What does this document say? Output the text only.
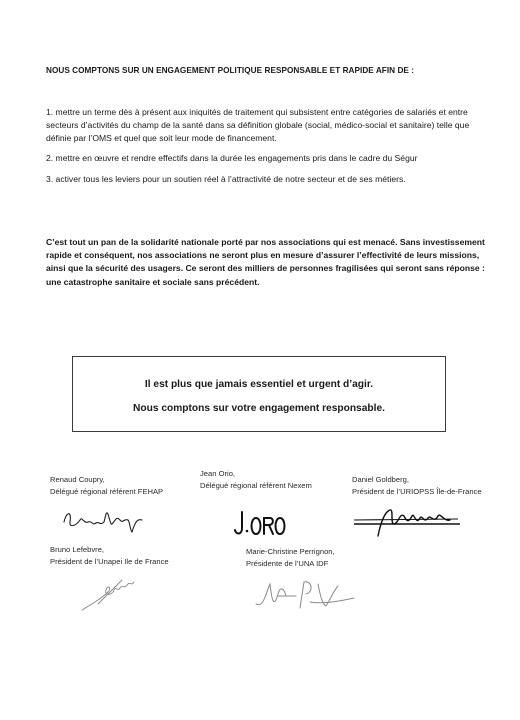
NOUS COMPTONS SUR UN ENGAGEMENT POLITIQUE RESPONSABLE ET RAPIDE AFIN DE :

1. mettre un terme dès à présent aux iniquités de traitement qui subsistent entre catégories de salariés et entre secteurs d’activités du champ de la santé dans sa définition globale (social, médico-social et sanitaire) telle que définie par l’OMS et quel que soit leur mode de financement.

2. mettre en œuvre et rendre effectifs dans la durée les engagements pris dans le cadre du Ségur

3. activer tous les leviers pour un soutien réel à l’attractivité de notre secteur et de ses métiers.

C’est tout un pan de la solidarité nationale porté par nos associations qui est menacé. Sans investissement rapide et conséquent, nos associations ne seront plus en mesure d’assurer l’effectivité de leurs missions, ainsi que la sécurité des usagers. Ce seront des milliers de personnes fragilisées qui seront sans réponse : une catastrophe sanitaire et sociale sans précédent.

Il est plus que jamais essentiel et urgent d’agir.
Nous comptons sur votre engagement responsable.
Renaud Coupry,
Délégué régional référent FEHAP
Jean Orio,
Délégué régional référent Nexem
Daniel Goldberg,
Président de l’URIOPSS Île-de-France
Bruno Lefebvre,
Président de l’Unapei Ile de France
Marie-Christine Perrignon,
Présidente de l’UNA IDF
